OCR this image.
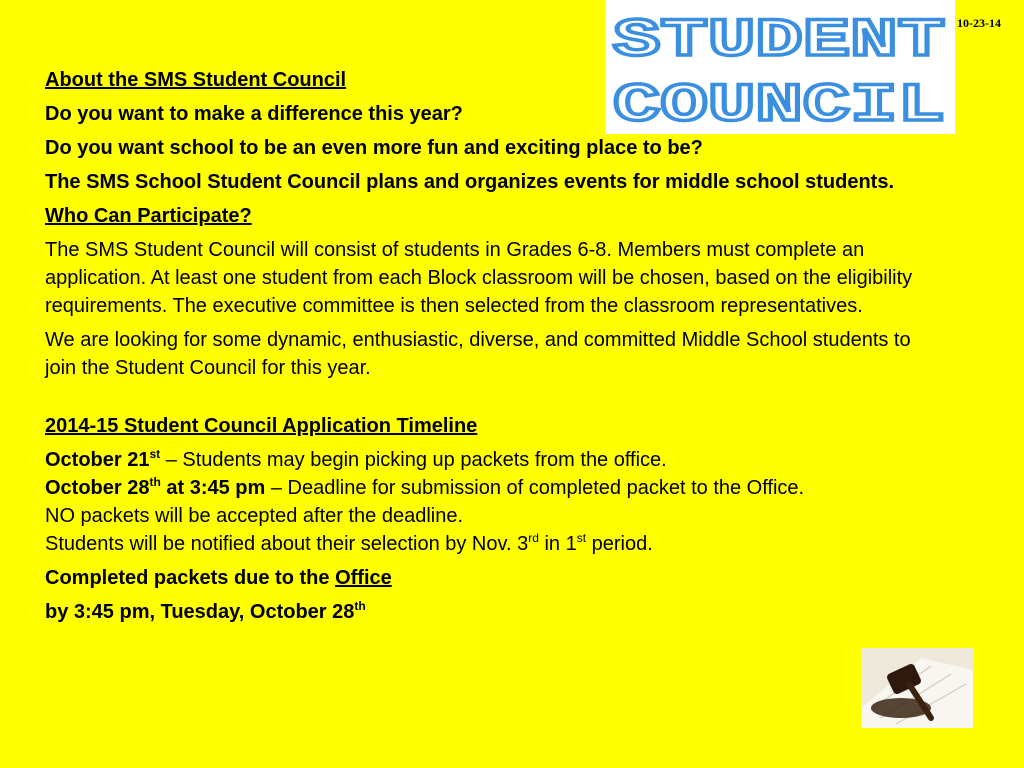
10-23-14
STUDENT
COUNCIL

About the SMS Student Council

Do you want to make a difference this year?

Do you want school to be an even more fun and exciting place to be?

The SMS School Student Council plans and organizes events for middle school students.

Who Can Participate?

The SMS Student Council will consist of students in Grades 6-8. Members must complete an application. At least one student from each Block classroom will be chosen, based on the eligibility requirements. The executive committee is then selected from the classroom representatives.

We are looking for some dynamic, enthusiastic, diverse, and committed Middle School students to join the Student Council for this year.

2014-15 Student Council Application Timeline

October 21st – Students may begin picking up packets from the office.

October 28th at 3:45 pm – Deadline for submission of completed packet to the Office.

NO packets will be accepted after the deadline.

Students will be notified about their selection by Nov. 3rd in 1st period.

Completed packets due to the Office

by 3:45 pm, Tuesday, October 28th
